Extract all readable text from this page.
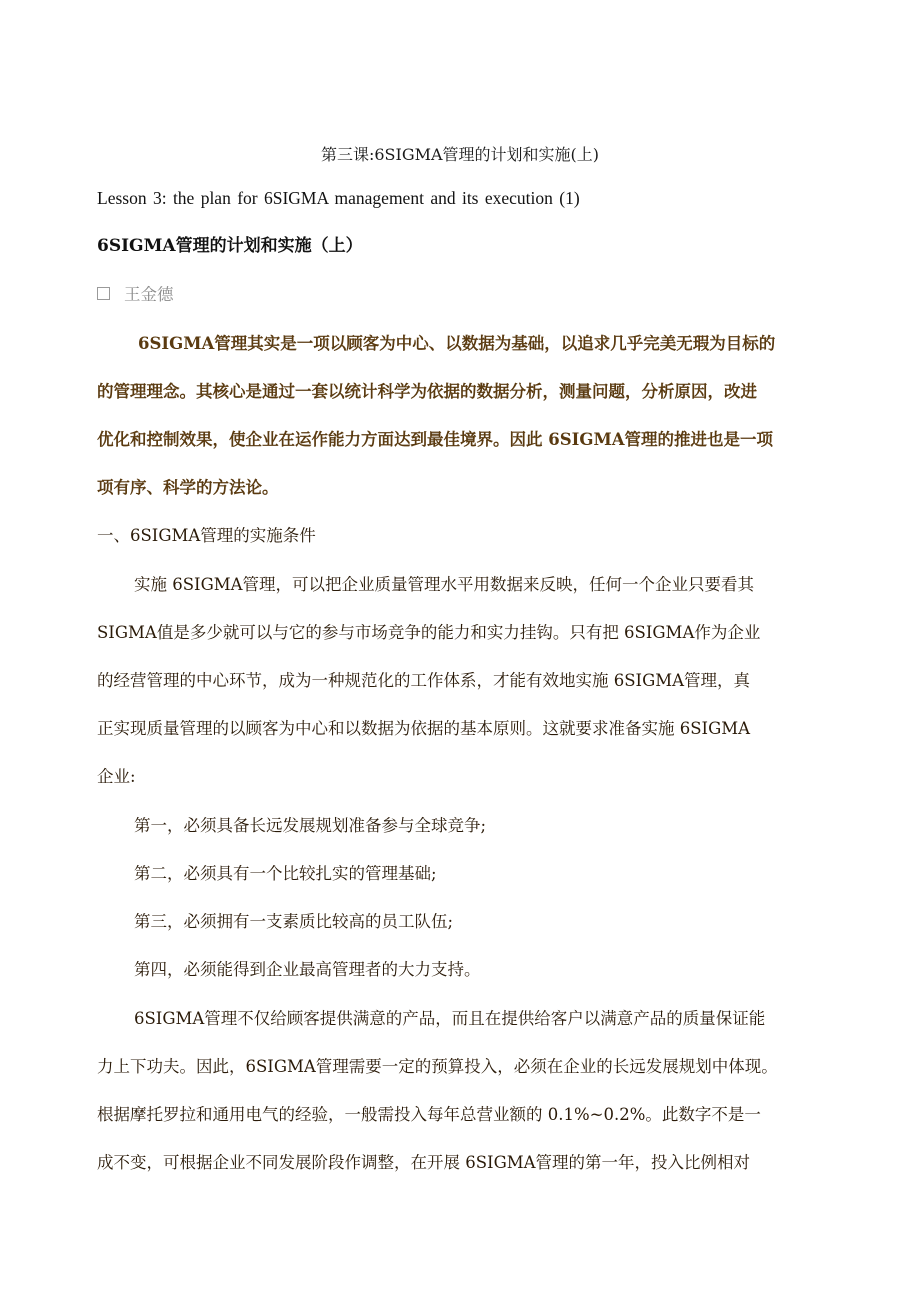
第三课:6SIGMA管理的计划和实施(上)
Lesson 3: the plan for 6SIGMA management and its execution (1)
6SIGMA管理的计划和实施（上）
王金德
6SIGMA管理其实是一项以顾客为中心、以数据为基础，以追求几乎完美无瑕为目标的
的管理理念。其核心是通过一套以统计科学为依据的数据分析，测量问题，分析原因，改进
优化和控制效果，使企业在运作能力方面达到最佳境界。因此 6SIGMA管理的推进也是一项
项有序、科学的方法论。
一、6SIGMA管理的实施条件
实施 6SIGMA管理，可以把企业质量管理水平用数据来反映，任何一个企业只要看其
SIGMA值是多少就可以与它的参与市场竞争的能力和实力挂钩。只有把 6SIGMA作为企业
的经营管理的中心环节，成为一种规范化的工作体系，才能有效地实施 6SIGMA管理，真
正实现质量管理的以顾客为中心和以数据为依据的基本原则。这就要求准备实施 6SIGMA
企业:
第一，必须具备长远发展规划准备参与全球竞争;
第二，必须具有一个比较扎实的管理基础;
第三，必须拥有一支素质比较高的员工队伍;
第四，必须能得到企业最高管理者的大力支持。
6SIGMA管理不仅给顾客提供满意的产品，而且在提供给客户以满意产品的质量保证能
力上下功夫。因此，6SIGMA管理需要一定的预算投入，必须在企业的长远发展规划中体现。
根据摩托罗拉和通用电气的经验，一般需投入每年总营业额的 0.1%~0.2%。此数字不是一
成不变，可根据企业不同发展阶段作调整，在开展 6SIGMA管理的第一年，投入比例相对
